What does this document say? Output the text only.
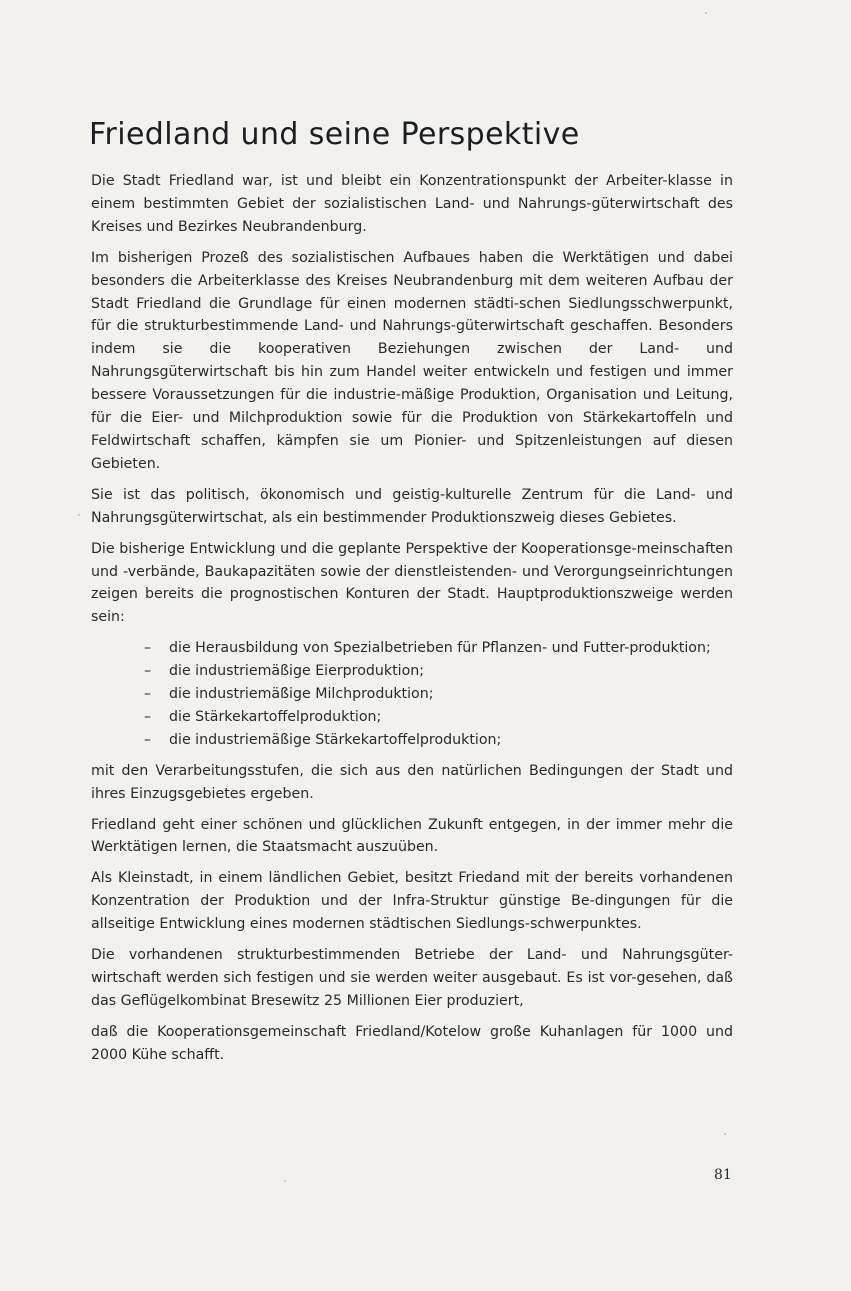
Friedland und seine Perspektive

Die Stadt Friedland war, ist und bleibt ein Konzentrationspunkt der Arbeiter-klasse in einem bestimmten Gebiet der sozialistischen Land- und Nahrungs-güterwirtschaft des Kreises und Bezirkes Neubrandenburg.

Im bisherigen Prozeß des sozialistischen Aufbaues haben die Werktätigen und dabei besonders die Arbeiterklasse des Kreises Neubrandenburg mit dem weiteren Aufbau der Stadt Friedland die Grundlage für einen modernen städti-schen Siedlungsschwerpunkt, für die strukturbestimmende Land- und Nahrungs-güterwirtschaft geschaffen. Besonders indem sie die kooperativen Beziehungen zwischen der Land- und Nahrungsgüterwirtschaft bis hin zum Handel weiter entwickeln und festigen und immer bessere Voraussetzungen für die industrie-mäßige Produktion, Organisation und Leitung, für die Eier- und Milchproduktion sowie für die Produktion von Stärkekartoffeln und Feldwirtschaft schaffen, kämpfen sie um Pionier- und Spitzenleistungen auf diesen Gebieten.

Sie ist das politisch, ökonomisch und geistig-kulturelle Zentrum für die Land- und Nahrungsgüterwirtschat, als ein bestimmender Produktionszweig dieses Gebietes.

Die bisherige Entwicklung und die geplante Perspektive der Kooperationsge-meinschaften und -verbände, Baukapazitäten sowie der dienstleistenden- und Verorgungseinrichtungen zeigen bereits die prognostischen Konturen der Stadt. Hauptproduktionszweige werden sein:

– die Herausbildung von Spezialbetrieben für Pflanzen- und Futter-produktion;
– die industriemäßige Eierproduktion;
– die industriemäßige Milchproduktion;
– die Stärkekartoffelproduktion;
– die industriemäßige Stärkekartoffelproduktion;

mit den Verarbeitungsstufen, die sich aus den natürlichen Bedingungen der Stadt und ihres Einzugsgebietes ergeben.

Friedland geht einer schönen und glücklichen Zukunft entgegen, in der immer mehr die Werktätigen lernen, die Staatsmacht auszuüben.

Als Kleinstadt, in einem ländlichen Gebiet, besitzt Friedand mit der bereits vorhandenen Konzentration der Produktion und der Infra-Struktur günstige Be-dingungen für die allseitige Entwicklung eines modernen städtischen Siedlungs-schwerpunktes.

Die vorhandenen strukturbestimmenden Betriebe der Land- und Nahrungsgüter-wirtschaft werden sich festigen und sie werden weiter ausgebaut. Es ist vor-gesehen, daß das Geflügelkombinat Bresewitz 25 Millionen Eier produziert,

daß die Kooperationsgemeinschaft Friedland/Kotelow große Kuhanlagen für 1000 und 2000 Kühe schafft.

81
